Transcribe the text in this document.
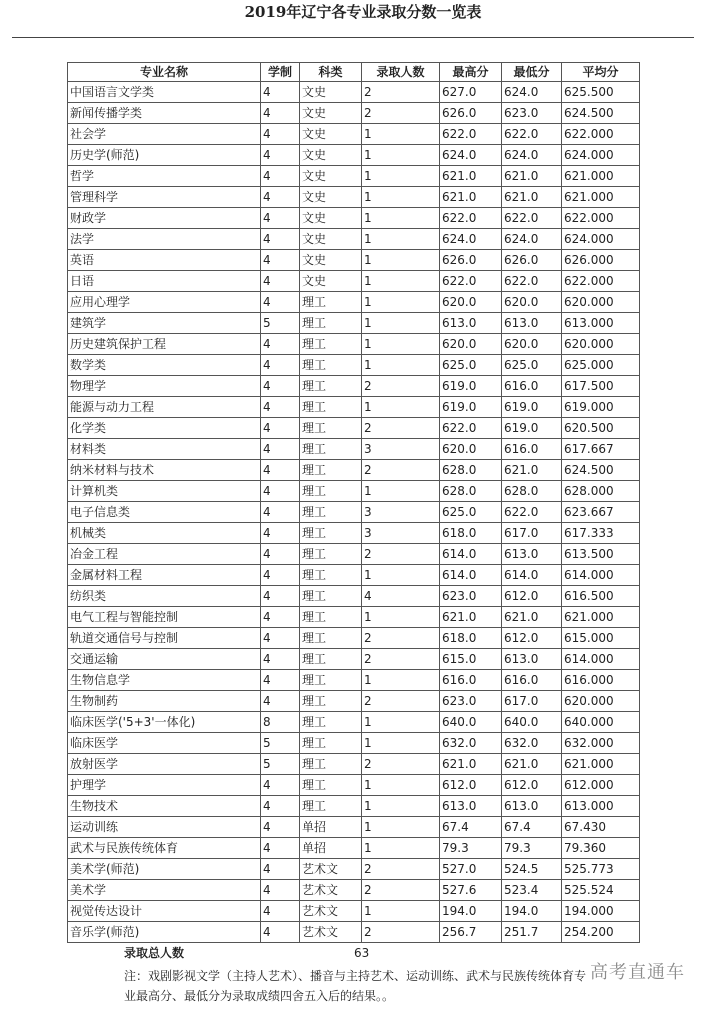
2019年辽宁各专业录取分数一览表
专业名称	学制	科类	录取人数	最高分	最低分	平均分
中国语言文学类	4	文史	2	627.0	624.0	625.500
新闻传播学类	4	文史	2	626.0	623.0	624.500
社会学	4	文史	1	622.0	622.0	622.000
历史学(师范)	4	文史	1	624.0	624.0	624.000
哲学	4	文史	1	621.0	621.0	621.000
管理科学	4	文史	1	621.0	621.0	621.000
财政学	4	文史	1	622.0	622.0	622.000
法学	4	文史	1	624.0	624.0	624.000
英语	4	文史	1	626.0	626.0	626.000
日语	4	文史	1	622.0	622.0	622.000
应用心理学	4	理工	1	620.0	620.0	620.000
建筑学	5	理工	1	613.0	613.0	613.000
历史建筑保护工程	4	理工	1	620.0	620.0	620.000
数学类	4	理工	1	625.0	625.0	625.000
物理学	4	理工	2	619.0	616.0	617.500
能源与动力工程	4	理工	1	619.0	619.0	619.000
化学类	4	理工	2	622.0	619.0	620.500
材料类	4	理工	3	620.0	616.0	617.667
纳米材料与技术	4	理工	2	628.0	621.0	624.500
计算机类	4	理工	1	628.0	628.0	628.000
电子信息类	4	理工	3	625.0	622.0	623.667
机械类	4	理工	3	618.0	617.0	617.333
冶金工程	4	理工	2	614.0	613.0	613.500
金属材料工程	4	理工	1	614.0	614.0	614.000
纺织类	4	理工	4	623.0	612.0	616.500
电气工程与智能控制	4	理工	1	621.0	621.0	621.000
轨道交通信号与控制	4	理工	2	618.0	612.0	615.000
交通运输	4	理工	2	615.0	613.0	614.000
生物信息学	4	理工	1	616.0	616.0	616.000
生物制药	4	理工	2	623.0	617.0	620.000
临床医学('5+3'一体化)	8	理工	1	640.0	640.0	640.000
临床医学	5	理工	1	632.0	632.0	632.000
放射医学	5	理工	2	621.0	621.0	621.000
护理学	4	理工	1	612.0	612.0	612.000
生物技术	4	理工	1	613.0	613.0	613.000
运动训练	4	单招	1	67.4	67.4	67.430
武术与民族传统体育	4	单招	1	79.3	79.3	79.360
美术学(师范)	4	艺术文	2	527.0	524.5	525.773
美术学	4	艺术文	2	527.6	523.4	525.524
视觉传达设计	4	艺术文	1	194.0	194.0	194.000
音乐学(师范)	4	艺术文	2	256.7	251.7	254.200
录取总人数	63
注：戏剧影视文学（主持人艺术）、播音与主持艺术、运动训练、武术与民族传统体育专业最高分、最低分为录取成绩四舍五入后的结果。。
高考直通车
